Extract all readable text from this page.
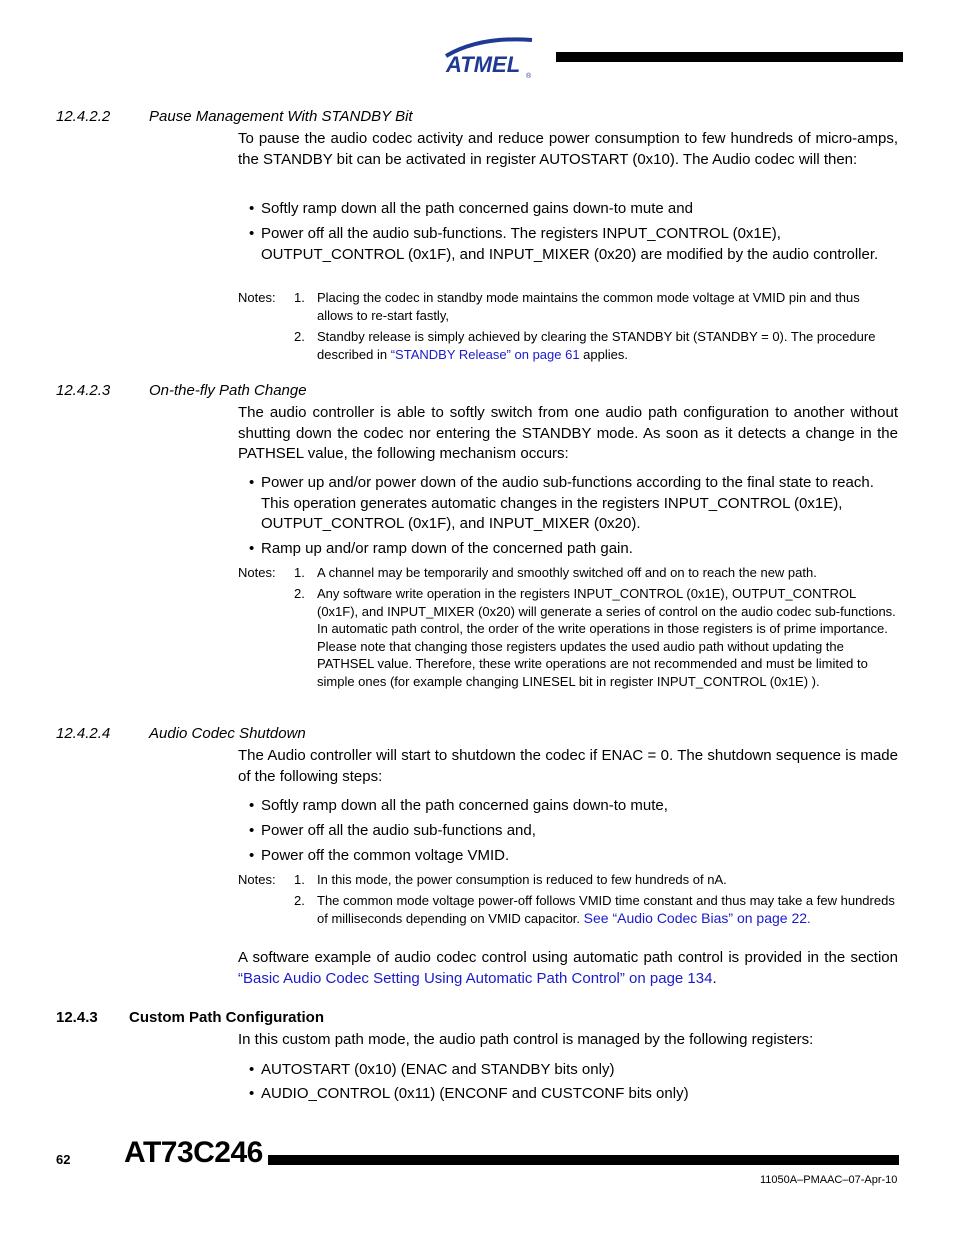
ATMEL ®
12.4.2.2	Pause Management With STANDBY Bit
To pause the audio codec activity and reduce power consumption to few hundreds of micro-amps, the STANDBY bit can be activated in register AUTOSTART (0x10). The Audio codec will then:
• Softly ramp down all the path concerned gains down-to mute and
• Power off all the audio sub-functions. The registers INPUT_CONTROL (0x1E), OUTPUT_CONTROL (0x1F), and INPUT_MIXER (0x20) are modified by the audio controller.
Notes: 1. Placing the codec in standby mode maintains the common mode voltage at VMID pin and thus allows to re-start fastly,
2. Standby release is simply achieved by clearing the STANDBY bit (STANDBY = 0). The procedure described in “STANDBY Release” on page 61 applies.
12.4.2.3	On-the-fly Path Change
The audio controller is able to softly switch from one audio path configuration to another without shutting down the codec nor entering the STANDBY mode. As soon as it detects a change in the PATHSEL value, the following mechanism occurs:
• Power up and/or power down of the audio sub-functions according to the final state to reach. This operation generates automatic changes in the registers INPUT_CONTROL (0x1E), OUTPUT_CONTROL (0x1F), and INPUT_MIXER (0x20).
• Ramp up and/or ramp down of the concerned path gain.
Notes: 1. A channel may be temporarily and smoothly switched off and on to reach the new path.
2. Any software write operation in the registers INPUT_CONTROL (0x1E), OUTPUT_CONTROL (0x1F), and INPUT_MIXER (0x20) will generate a series of control on the audio codec sub-functions. In automatic path control, the order of the write operations in those registers is of prime importance. Please note that changing those registers updates the used audio path without updating the PATHSEL value. Therefore, these write operations are not recommended and must be limited to simple ones (for example changing LINESEL bit in register INPUT_CONTROL (0x1E) ).
12.4.2.4	Audio Codec Shutdown
The Audio controller will start to shutdown the codec if ENAC = 0. The shutdown sequence is made of the following steps:
• Softly ramp down all the path concerned gains down-to mute,
• Power off all the audio sub-functions and,
• Power off the common voltage VMID.
Notes: 1. In this mode, the power consumption is reduced to few hundreds of nA.
2. The common mode voltage power-off follows VMID time constant and thus may take a few hundreds of milliseconds depending on VMID capacitor. See “Audio Codec Bias” on page 22.
A software example of audio codec control using automatic path control is provided in the section “Basic Audio Codec Setting Using Automatic Path Control” on page 134.
12.4.3 Custom Path Configuration
In this custom path mode, the audio path control is managed by the following registers:
• AUTOSTART (0x10) (ENAC and STANDBY bits only)
• AUDIO_CONTROL (0x11) (ENCONF and CUSTCONF bits only)
62 AT73C246
11050A–PMAAC–07-Apr-10
